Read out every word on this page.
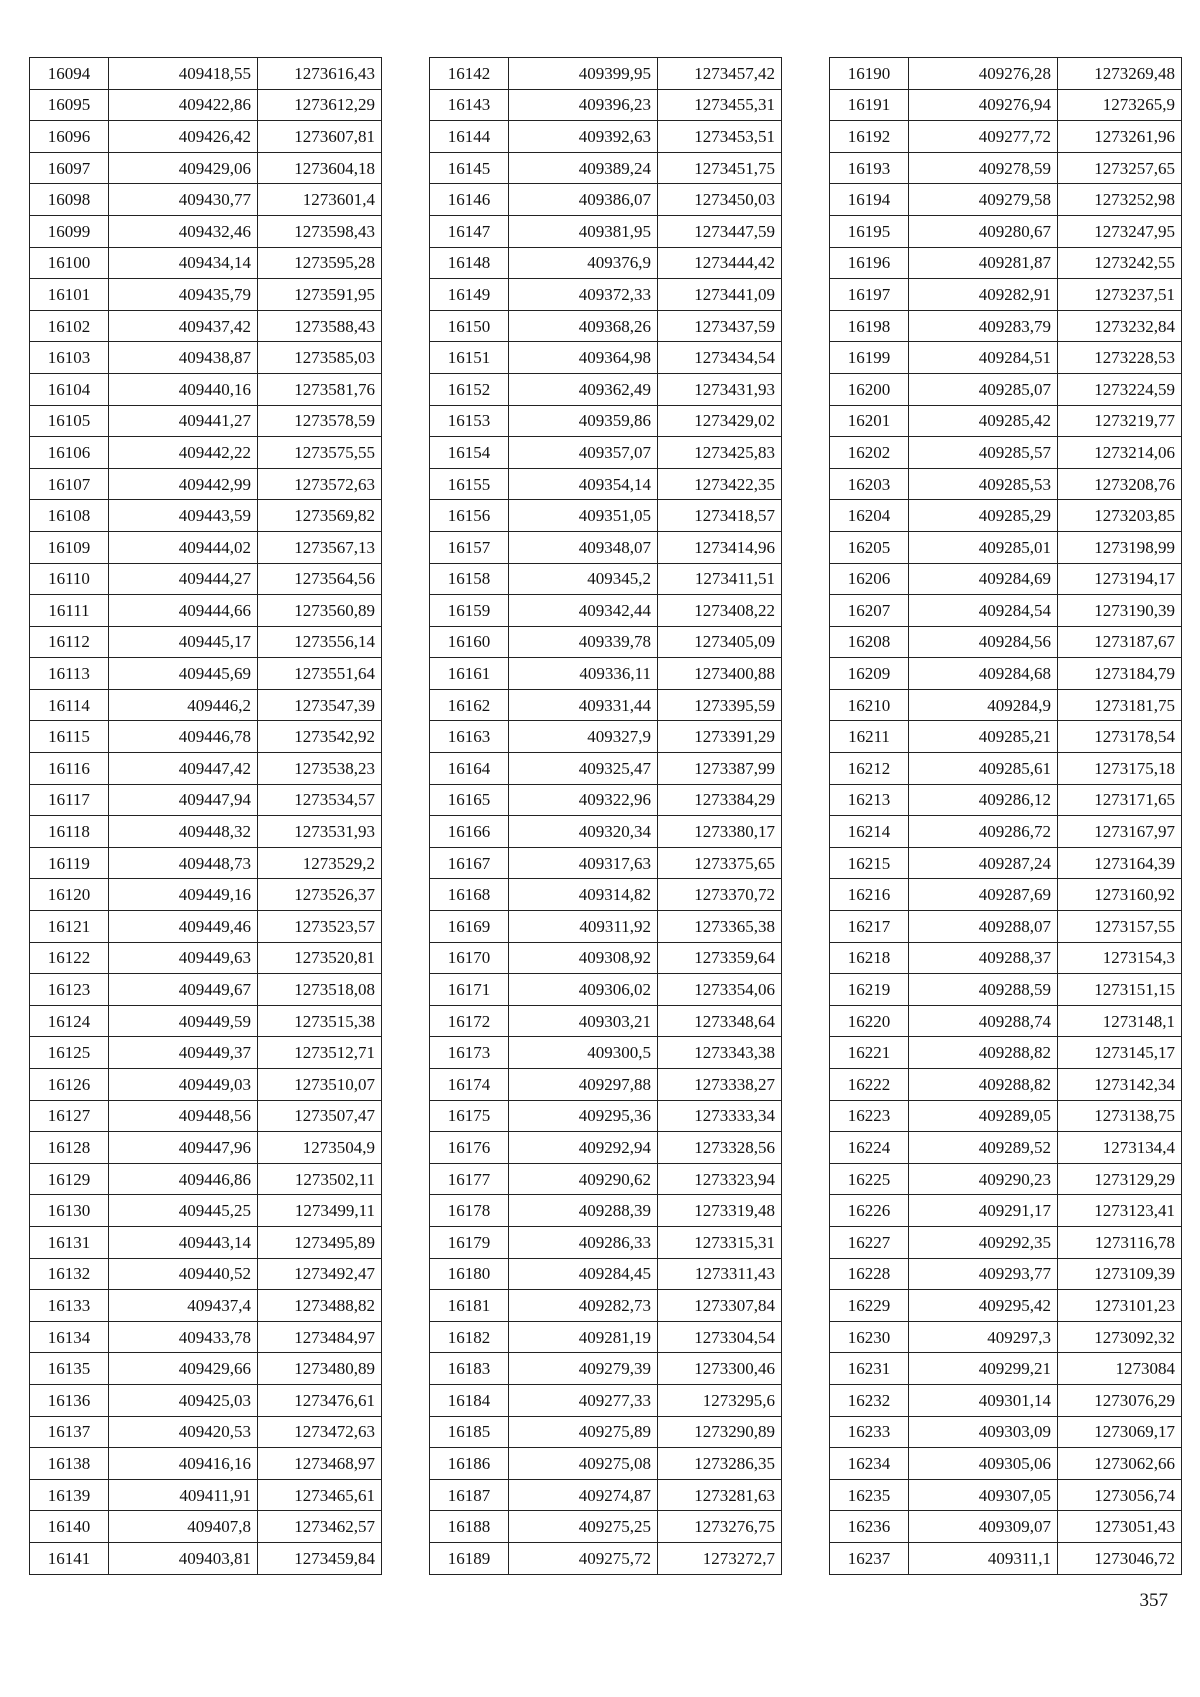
16094	409418,55	1273616,43
16095	409422,86	1273612,29
16096	409426,42	1273607,81
16097	409429,06	1273604,18
16098	409430,77	1273601,4
16099	409432,46	1273598,43
16100	409434,14	1273595,28
16101	409435,79	1273591,95
16102	409437,42	1273588,43
16103	409438,87	1273585,03
16104	409440,16	1273581,76
16105	409441,27	1273578,59
16106	409442,22	1273575,55
16107	409442,99	1273572,63
16108	409443,59	1273569,82
16109	409444,02	1273567,13
16110	409444,27	1273564,56
16111	409444,66	1273560,89
16112	409445,17	1273556,14
16113	409445,69	1273551,64
16114	409446,2	1273547,39
16115	409446,78	1273542,92
16116	409447,42	1273538,23
16117	409447,94	1273534,57
16118	409448,32	1273531,93
16119	409448,73	1273529,2
16120	409449,16	1273526,37
16121	409449,46	1273523,57
16122	409449,63	1273520,81
16123	409449,67	1273518,08
16124	409449,59	1273515,38
16125	409449,37	1273512,71
16126	409449,03	1273510,07
16127	409448,56	1273507,47
16128	409447,96	1273504,9
16129	409446,86	1273502,11
16130	409445,25	1273499,11
16131	409443,14	1273495,89
16132	409440,52	1273492,47
16133	409437,4	1273488,82
16134	409433,78	1273484,97
16135	409429,66	1273480,89
16136	409425,03	1273476,61
16137	409420,53	1273472,63
16138	409416,16	1273468,97
16139	409411,91	1273465,61
16140	409407,8	1273462,57
16141	409403,81	1273459,84
16142	409399,95	1273457,42
16143	409396,23	1273455,31
16144	409392,63	1273453,51
16145	409389,24	1273451,75
16146	409386,07	1273450,03
16147	409381,95	1273447,59
16148	409376,9	1273444,42
16149	409372,33	1273441,09
16150	409368,26	1273437,59
16151	409364,98	1273434,54
16152	409362,49	1273431,93
16153	409359,86	1273429,02
16154	409357,07	1273425,83
16155	409354,14	1273422,35
16156	409351,05	1273418,57
16157	409348,07	1273414,96
16158	409345,2	1273411,51
16159	409342,44	1273408,22
16160	409339,78	1273405,09
16161	409336,11	1273400,88
16162	409331,44	1273395,59
16163	409327,9	1273391,29
16164	409325,47	1273387,99
16165	409322,96	1273384,29
16166	409320,34	1273380,17
16167	409317,63	1273375,65
16168	409314,82	1273370,72
16169	409311,92	1273365,38
16170	409308,92	1273359,64
16171	409306,02	1273354,06
16172	409303,21	1273348,64
16173	409300,5	1273343,38
16174	409297,88	1273338,27
16175	409295,36	1273333,34
16176	409292,94	1273328,56
16177	409290,62	1273323,94
16178	409288,39	1273319,48
16179	409286,33	1273315,31
16180	409284,45	1273311,43
16181	409282,73	1273307,84
16182	409281,19	1273304,54
16183	409279,39	1273300,46
16184	409277,33	1273295,6
16185	409275,89	1273290,89
16186	409275,08	1273286,35
16187	409274,87	1273281,63
16188	409275,25	1273276,75
16189	409275,72	1273272,7
16190	409276,28	1273269,48
16191	409276,94	1273265,9
16192	409277,72	1273261,96
16193	409278,59	1273257,65
16194	409279,58	1273252,98
16195	409280,67	1273247,95
16196	409281,87	1273242,55
16197	409282,91	1273237,51
16198	409283,79	1273232,84
16199	409284,51	1273228,53
16200	409285,07	1273224,59
16201	409285,42	1273219,77
16202	409285,57	1273214,06
16203	409285,53	1273208,76
16204	409285,29	1273203,85
16205	409285,01	1273198,99
16206	409284,69	1273194,17
16207	409284,54	1273190,39
16208	409284,56	1273187,67
16209	409284,68	1273184,79
16210	409284,9	1273181,75
16211	409285,21	1273178,54
16212	409285,61	1273175,18
16213	409286,12	1273171,65
16214	409286,72	1273167,97
16215	409287,24	1273164,39
16216	409287,69	1273160,92
16217	409288,07	1273157,55
16218	409288,37	1273154,3
16219	409288,59	1273151,15
16220	409288,74	1273148,1
16221	409288,82	1273145,17
16222	409288,82	1273142,34
16223	409289,05	1273138,75
16224	409289,52	1273134,4
16225	409290,23	1273129,29
16226	409291,17	1273123,41
16227	409292,35	1273116,78
16228	409293,77	1273109,39
16229	409295,42	1273101,23
16230	409297,3	1273092,32
16231	409299,21	1273084
16232	409301,14	1273076,29
16233	409303,09	1273069,17
16234	409305,06	1273062,66
16235	409307,05	1273056,74
16236	409309,07	1273051,43
16237	409311,1	1273046,72
357
